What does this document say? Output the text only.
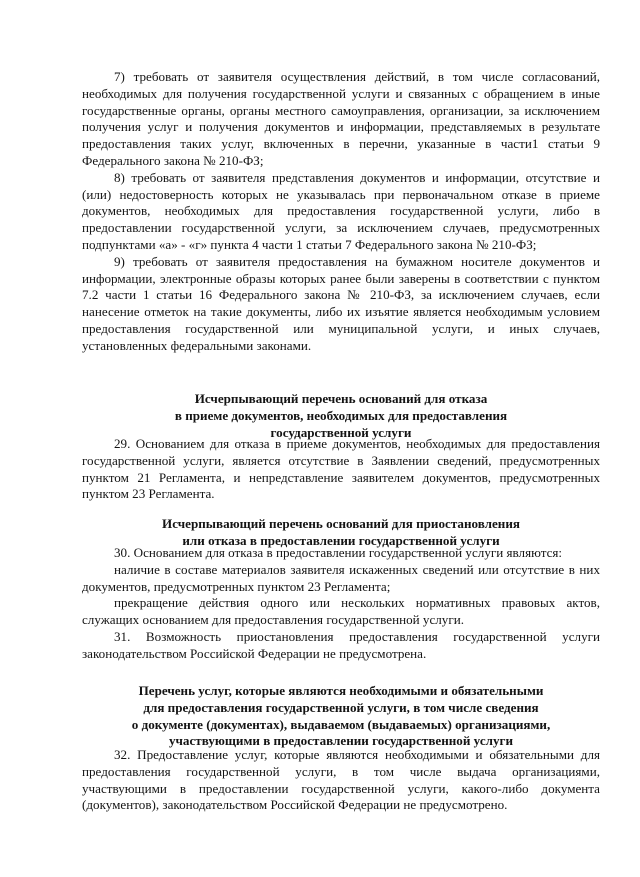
7) требовать от заявителя осуществления действий, в том числе согласований, необходимых для получения государственной услуги и связанных с обращением в иные государственные органы, органы местного самоуправления, организации, за исключением получения услуг и получения документов и информации, представляемых в результате предоставления таких услуг, включенных в перечни, указанные в части1 статьи 9 Федерального закона № 210-ФЗ;

8) требовать от заявителя представления документов и информации, отсутствие и (или) недостоверность которых не указывалась при первоначальном отказе в приеме документов, необходимых для предоставления государственной услуги, либо в предоставлении государственной услуги, за исключением случаев, предусмотренных подпунктами «а» - «г» пункта 4 части 1 статьи 7 Федерального закона № 210-ФЗ;

9) требовать от заявителя предоставления на бумажном носителе документов и информации, электронные образы которых ранее были заверены в соответствии с пунктом 7.2 части 1 статьи 16 Федерального закона № 210-ФЗ, за исключением случаев, если нанесение отметок на такие документы, либо их изъятие является необходимым условием предоставления государственной или муниципальной услуги, и иных случаев, установленных федеральными законами.

Исчерпывающий перечень оснований для отказа
в приеме документов, необходимых для предоставления
государственной услуги

29. Основанием для отказа в приеме документов, необходимых для предоставления государственной услуги, является отсутствие в Заявлении сведений, предусмотренных пунктом 21 Регламента, и непредставление заявителем документов, предусмотренных пунктом 23 Регламента.

Исчерпывающий перечень оснований для приостановления
или отказа в предоставлении государственной услуги

30. Основанием для отказа в предоставлении государственной услуги являются:

наличие в составе материалов заявителя искаженных сведений или отсутствие в них документов, предусмотренных пунктом 23 Регламента;

прекращение действия одного или нескольких нормативных правовых актов, служащих основанием для предоставления государственной услуги.

31. Возможность приостановления предоставления государственной услуги законодательством Российской Федерации не предусмотрена.

Перечень услуг, которые являются необходимыми и обязательными
для предоставления государственной услуги, в том числе сведения
о документе (документах), выдаваемом (выдаваемых) организациями,
участвующими в предоставлении государственной услуги

32. Предоставление услуг, которые являются необходимыми и обязательными для предоставления государственной услуги, в том числе выдача организациями, участвующими в предоставлении государственной услуги, какого-либо документа (документов), законодательством Российской Федерации не предусмотрено.
